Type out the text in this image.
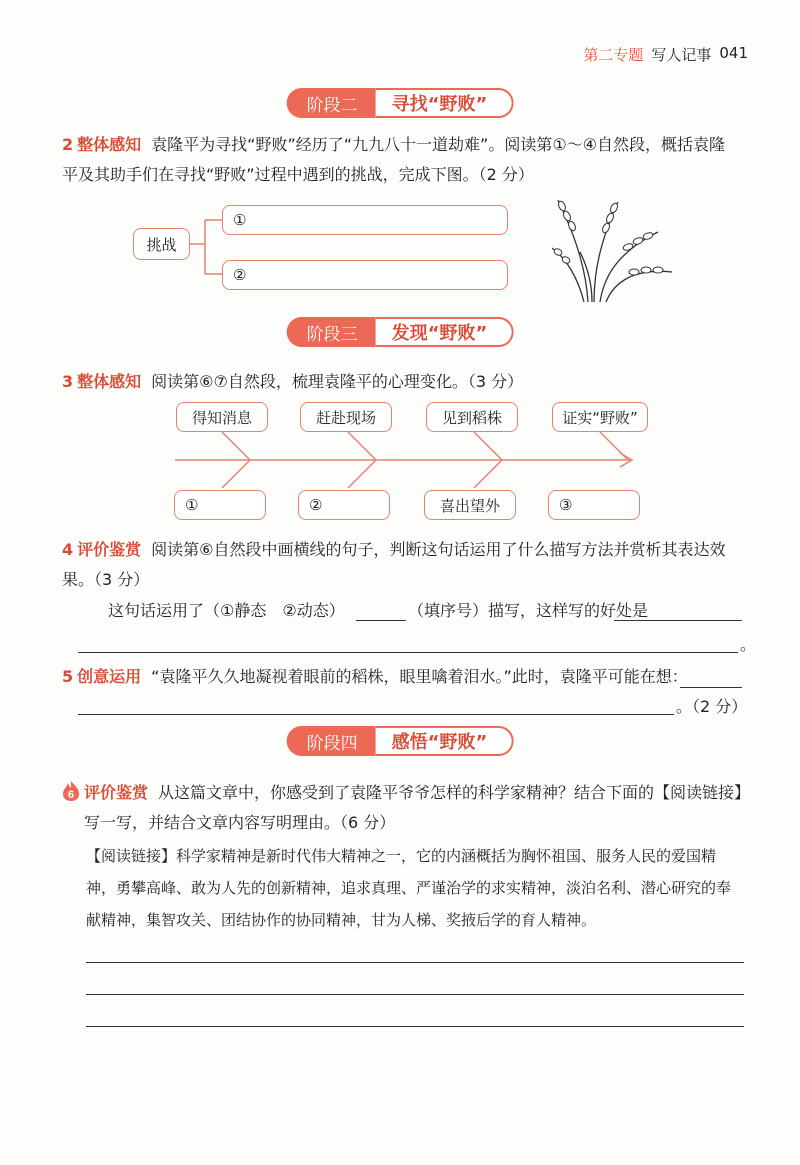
第二专题 写人记事 041
阶段二	寻找“野败”
2 整体感知 袁隆平为寻找“野败”经历了“九九八十一道劫难”。阅读第①～④自然段，概括袁隆
平及其助手们在寻找“野败”过程中遇到的挑战，完成下图。（2 分）
挑战
①
②
阶段三	发现“野败”
3 整体感知 阅读第⑥⑦自然段，梳理袁隆平的心理变化。（3 分）
得知消息	赶赴现场	见到稻株	证实“野败”
①	②	喜出望外	③
4 评价鉴赏 阅读第⑥自然段中画横线的句子，判断这句话运用了什么描写方法并赏析其表达效
果。（3 分）
这句话运用了（①静态　②动态）	（填序号）描写，这样写的好处是
。
5 创意运用 “袁隆平久久地凝视着眼前的稻株，眼里噙着泪水。”此时，袁隆平可能在想：
。（2 分）
阶段四	感悟“野败”
6 评价鉴赏 从这篇文章中，你感受到了袁隆平爷爷怎样的科学家精神？结合下面的【阅读链接】
写一写，并结合文章内容写明理由。（6 分）
【阅读链接】科学家精神是新时代伟大精神之一，它的内涵概括为胸怀祖国、服务人民的爱国精
神，勇攀高峰、敢为人先的创新精神，追求真理、严谨治学的求实精神，淡泊名利、潜心研究的奉
献精神，集智攻关、团结协作的协同精神，甘为人梯、奖掖后学的育人精神。
